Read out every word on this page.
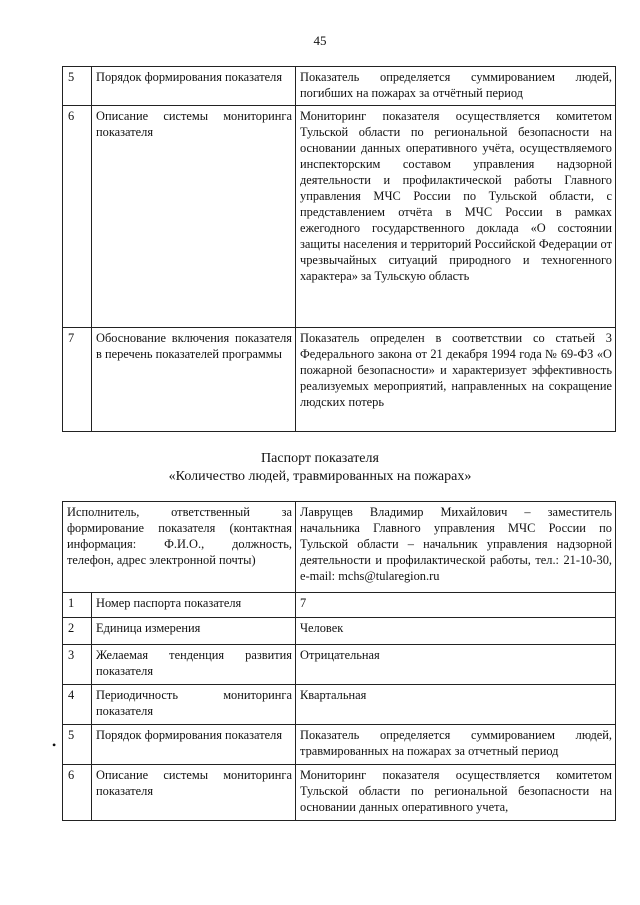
45
5	Порядок формирования показателя	Показатель определяется суммированием людей, погибших на пожарах за отчётный период
6	Описание системы мониторинга показателя	Мониторинг показателя осуществляется комитетом Тульской области по региональной безопасности на основании данных оперативного учёта, осуществляемого инспекторским составом управления надзорной деятельности и профилактической работы Главного управления МЧС России по Тульской области, с представлением отчёта в МЧС России в рамках ежегодного государственного доклада «О состоянии защиты населения и территорий Российской Федерации от чрезвычайных ситуаций природного и техногенного характера» за Тульскую область
7	Обоснование включения показателя в перечень показателей программы	Показатель определен в соответствии со статьей 3 Федерального закона от 21 декабря 1994 года № 69-ФЗ «О пожарной безопасности» и характеризует эффективность реализуемых мероприятий, направленных на сокращение людских потерь
Паспорт показателя
«Количество людей, травмированных на пожарах»
Исполнитель, ответственный за формирование показателя (контактная информация: Ф.И.О., должность, телефон, адрес электронной почты)		Лаврущев Владимир Михайлович – заместитель начальника Главного управления МЧС России по Тульской области – начальник управления надзорной деятельности и профилактической работы, тел.: 21-10-30, e-mail: mchs@tularegion.ru
1	Номер паспорта показателя	7
2	Единица измерения	Человек
3	Желаемая тенденция развития показателя	Отрицательная
4	Периодичность мониторинга показателя	Квартальная
5	Порядок формирования показателя	Показатель определяется суммированием людей, травмированных на пожарах за отчетный период
6	Описание системы мониторинга показателя	Мониторинг показателя осуществляется комитетом Тульской области по региональной безопасности на основании данных оперативного учета,
•
